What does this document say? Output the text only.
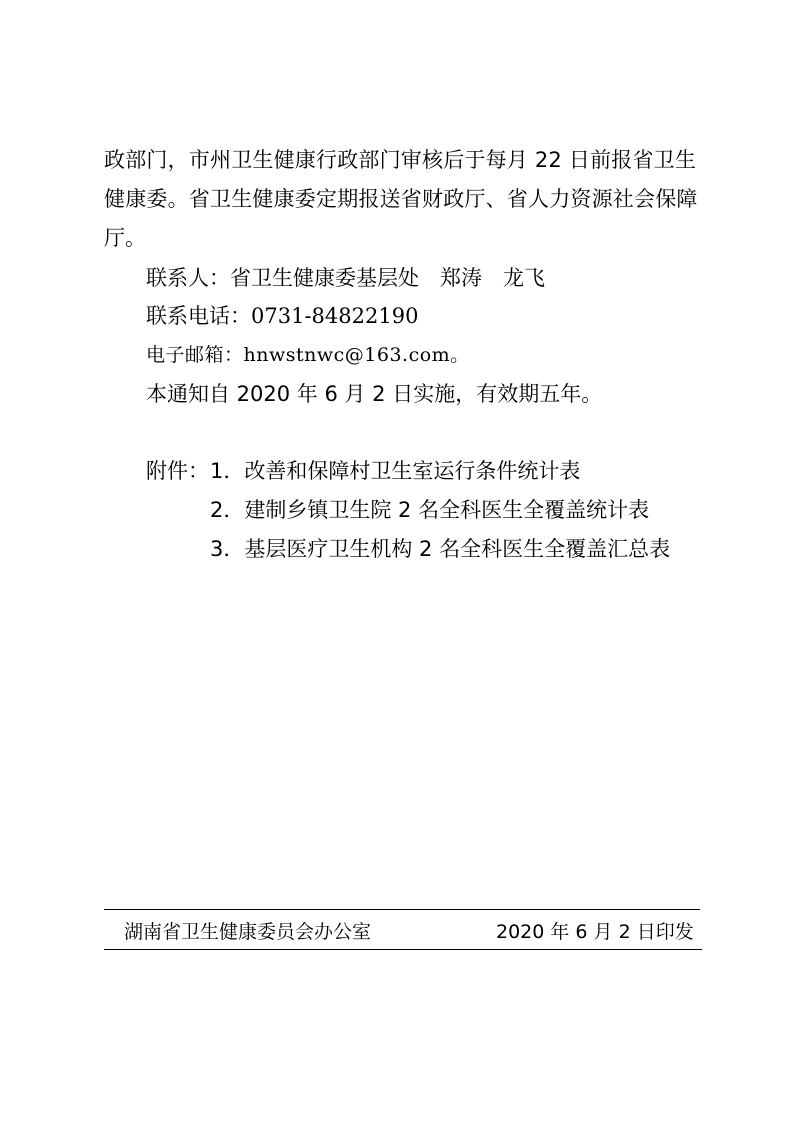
政部门，市州卫生健康行政部门审核后于每月 22 日前报省卫生
健康委。省卫生健康委定期报送省财政厅、省人力资源社会保障
厅。
联系人：省卫生健康委基层处　郑涛　龙飞
联系电话：0731-84822190
电子邮箱：hnwstnwc@163.com。
本通知自 2020 年 6 月 2 日实施，有效期五年。
附件： 1．改善和保障村卫生室运行条件统计表
2．建制乡镇卫生院 2 名全科医生全覆盖统计表
3．基层医疗卫生机构 2 名全科医生全覆盖汇总表
湖南省卫生健康委员会办公室	2020 年 6 月 2 日印发
